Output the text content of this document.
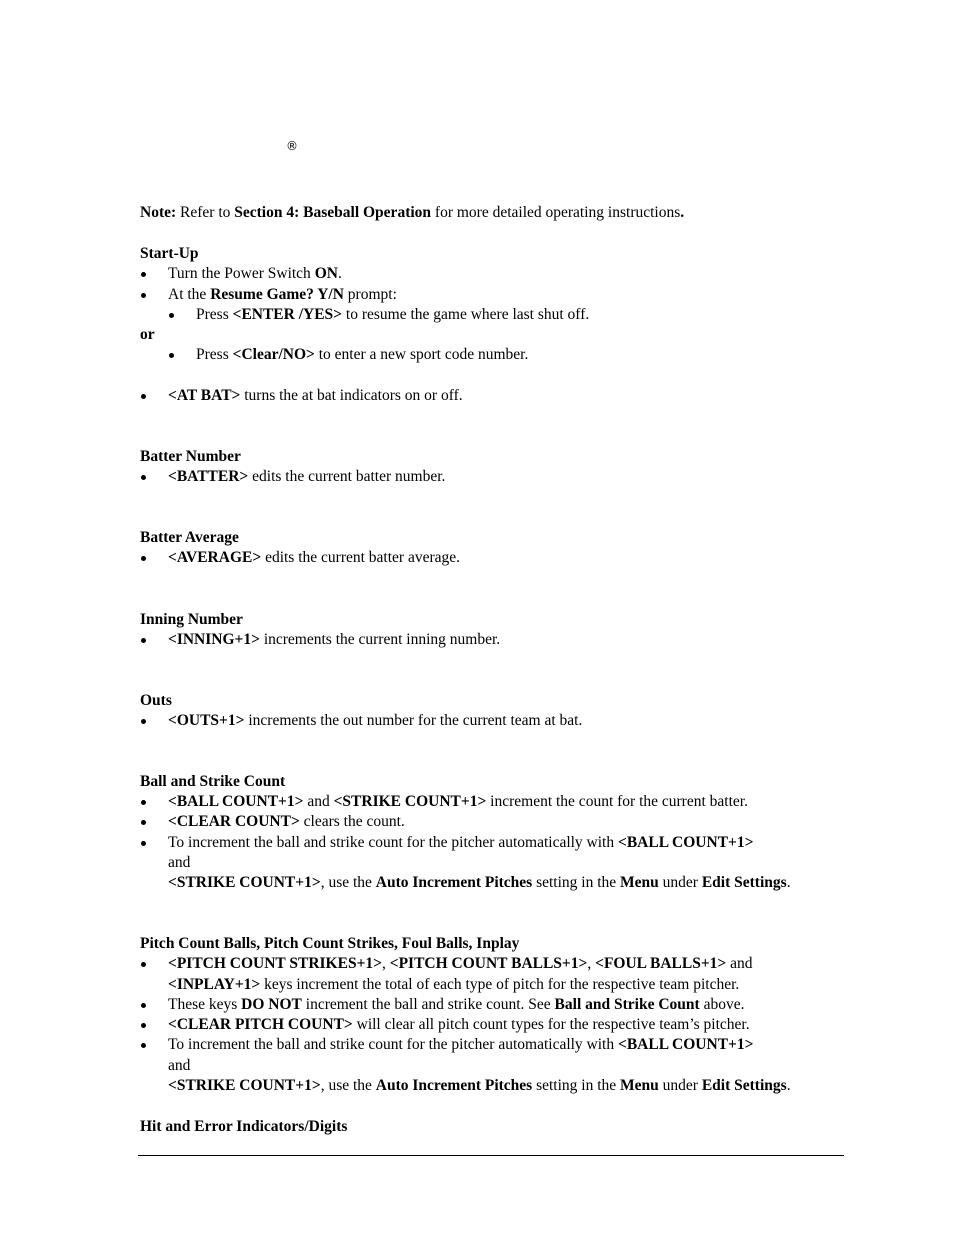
®
Note: Refer to Section 4: Baseball Operation for more detailed operating instructions.
Start-Up
Turn the Power Switch ON.
At the Resume Game? Y/N prompt:
Press <ENTER /YES> to resume the game where last shut off.
or
Press <Clear/NO> to enter a new sport code number.
<AT BAT> turns the at bat indicators on or off.
Batter Number
<BATTER> edits the current batter number.
Batter Average
<AVERAGE> edits the current batter average.
Inning Number
<INNING+1> increments the current inning number.
Outs
<OUTS+1> increments the out number for the current team at bat.
Ball and Strike Count
<BALL COUNT+1> and <STRIKE COUNT+1> increment the count for the current batter.
<CLEAR COUNT> clears the count.
To increment the ball and strike count for the pitcher automatically with <BALL COUNT+1>
and
<STRIKE COUNT+1>, use the Auto Increment Pitches setting in the Menu under Edit Settings.
Pitch Count Balls, Pitch Count Strikes, Foul Balls, Inplay
<PITCH COUNT STRIKES+1>, <PITCH COUNT BALLS+1>, <FOUL BALLS+1> and
<INPLAY+1> keys increment the total of each type of pitch for the respective team pitcher.
These keys DO NOT increment the ball and strike count. See Ball and Strike Count above.
<CLEAR PITCH COUNT> will clear all pitch count types for the respective team’s pitcher.
To increment the ball and strike count for the pitcher automatically with <BALL COUNT+1>
and
<STRIKE COUNT+1>, use the Auto Increment Pitches setting in the Menu under Edit Settings.
Hit and Error Indicators/Digits
